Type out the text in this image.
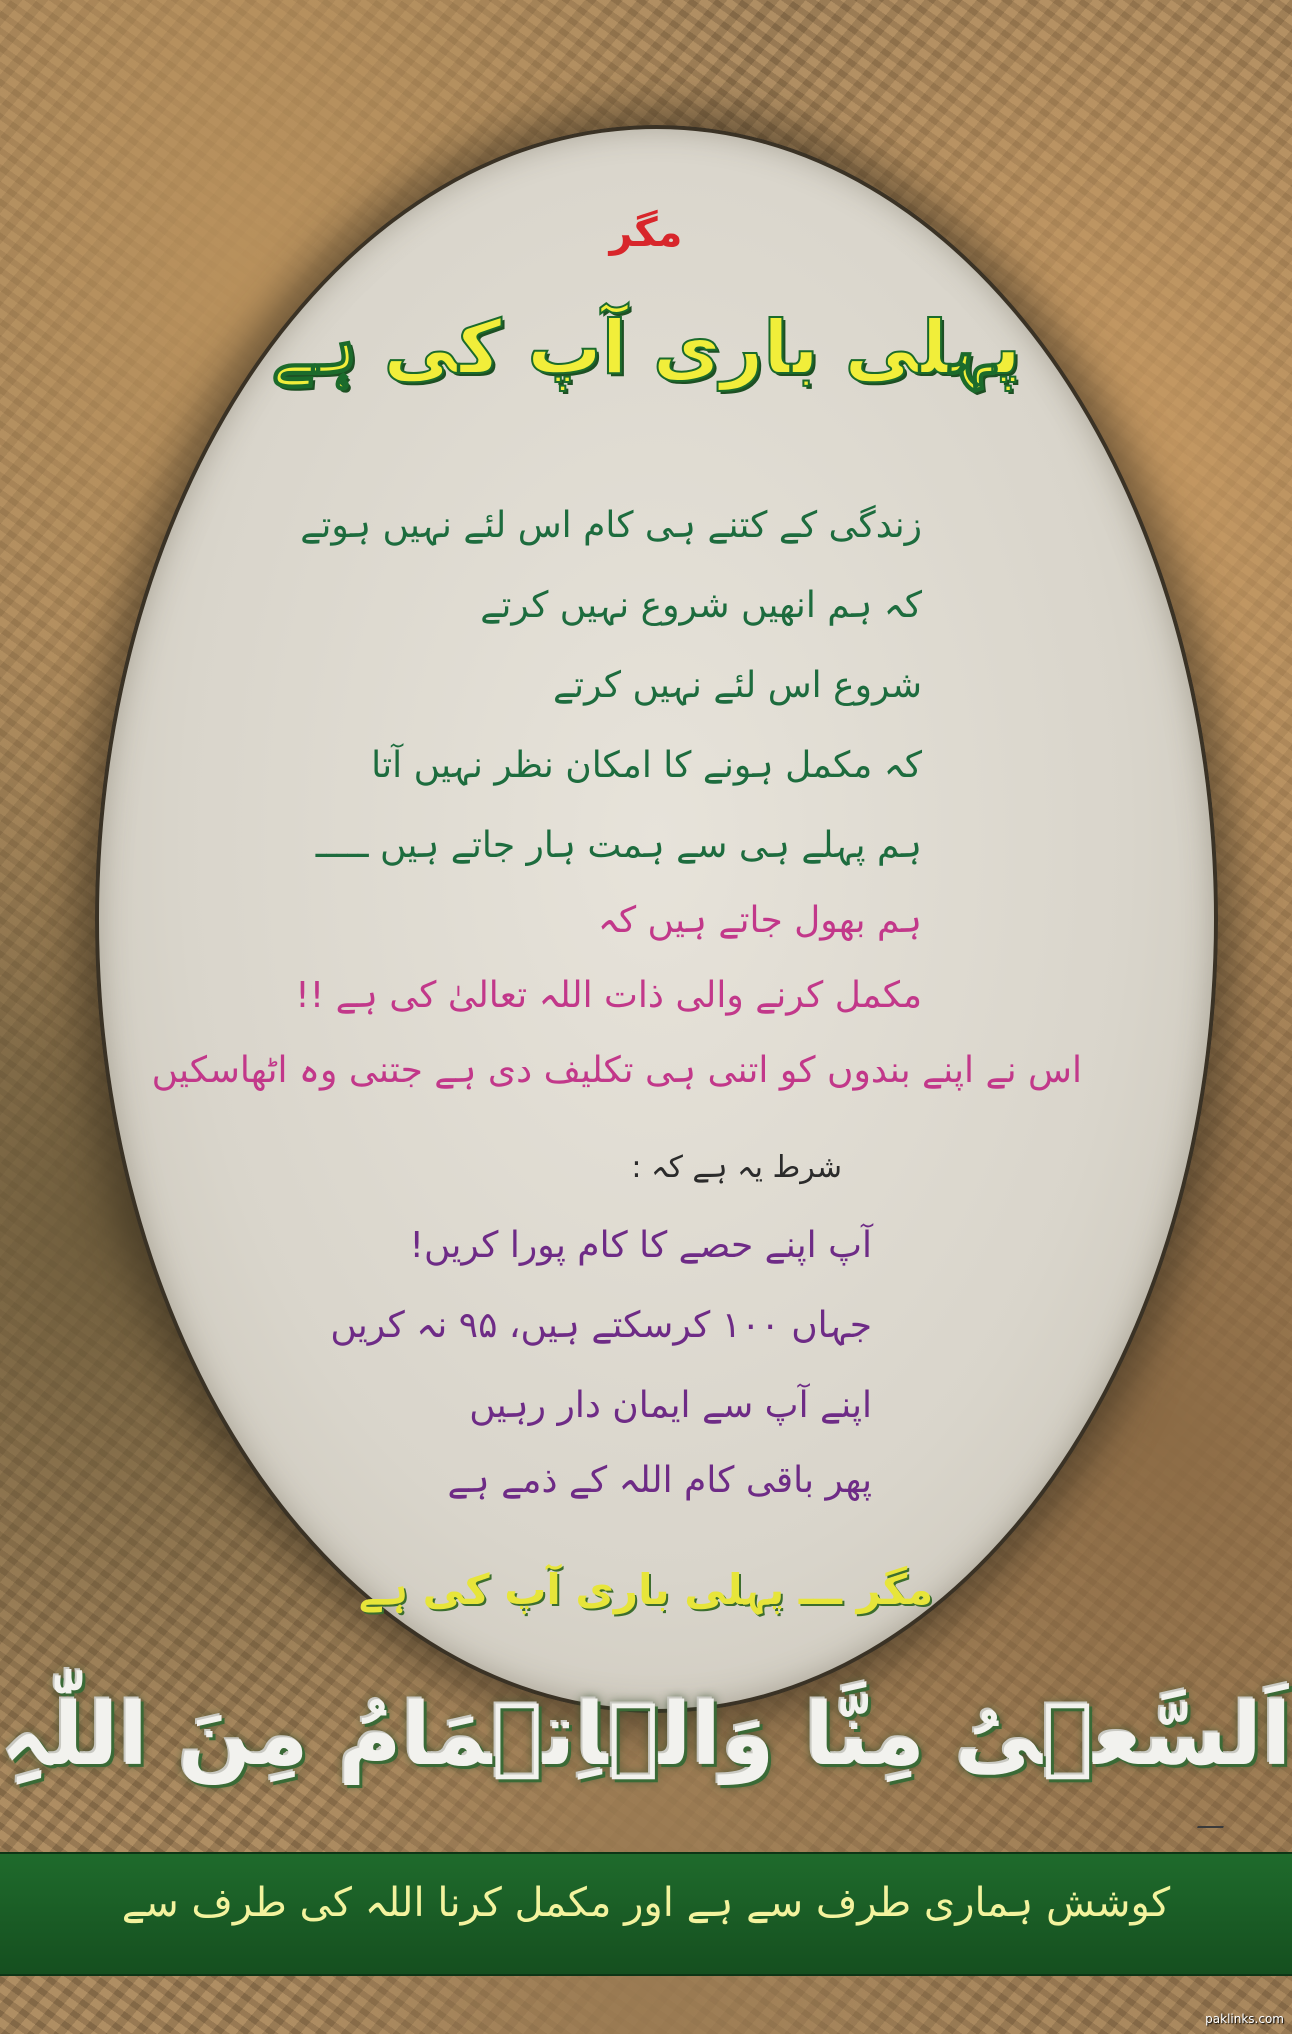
مگر
پہلی باری آپ کی ہے
زندگی کے کتنے ہی کام اس لئے نہیں ہوتے
کہ ہم انھیں شروع نہیں کرتے
شروع اس لئے نہیں کرتے
کہ مکمل ہونے کا امکان نظر نہیں آتا
ہم پہلے ہی سے ہمت ہار جاتے ہیں ـــــ
ہم بھول جاتے ہیں کہ
مکمل کرنے والی ذات اللہ تعالیٰ کی ہے !!
اس نے اپنے بندوں کو اتنی ہی تکلیف دی ہے جتنی وہ اٹھاسکیں
شرط یہ ہے کہ :
آپ اپنے حصے کا کام پورا کریں!
جہاں ۱۰۰ کرسکتے ہیں، ۹۵ نہ کریں
اپنے آپ سے ایمان دار رہیں
پھر باقی کام اللہ کے ذمے ہے
مگر ـــ پہلی باری آپ کی ہے
اَلسَّعۡیُ مِنَّا وَالۡاِتۡمَامُ مِنَ اللّٰہِ
کوشش ہماری طرف سے ہے اور مکمل کرنا اللہ کی طرف سے
paklinks.com
